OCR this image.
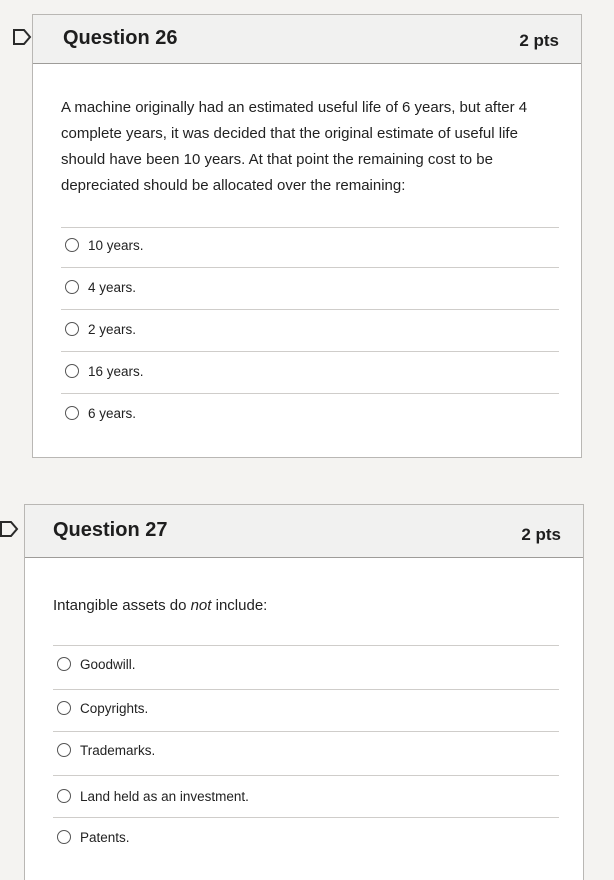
Question 26	2 pts
A machine originally had an estimated useful life of 6 years, but after 4 complete years, it was decided that the original estimate of useful life should have been 10 years. At that point the remaining cost to be depreciated should be allocated over the remaining:
10 years.
4 years.
2 years.
16 years.
6 years.
Question 27	2 pts
Intangible assets do not include:
Goodwill.
Copyrights.
Trademarks.
Land held as an investment.
Patents.
